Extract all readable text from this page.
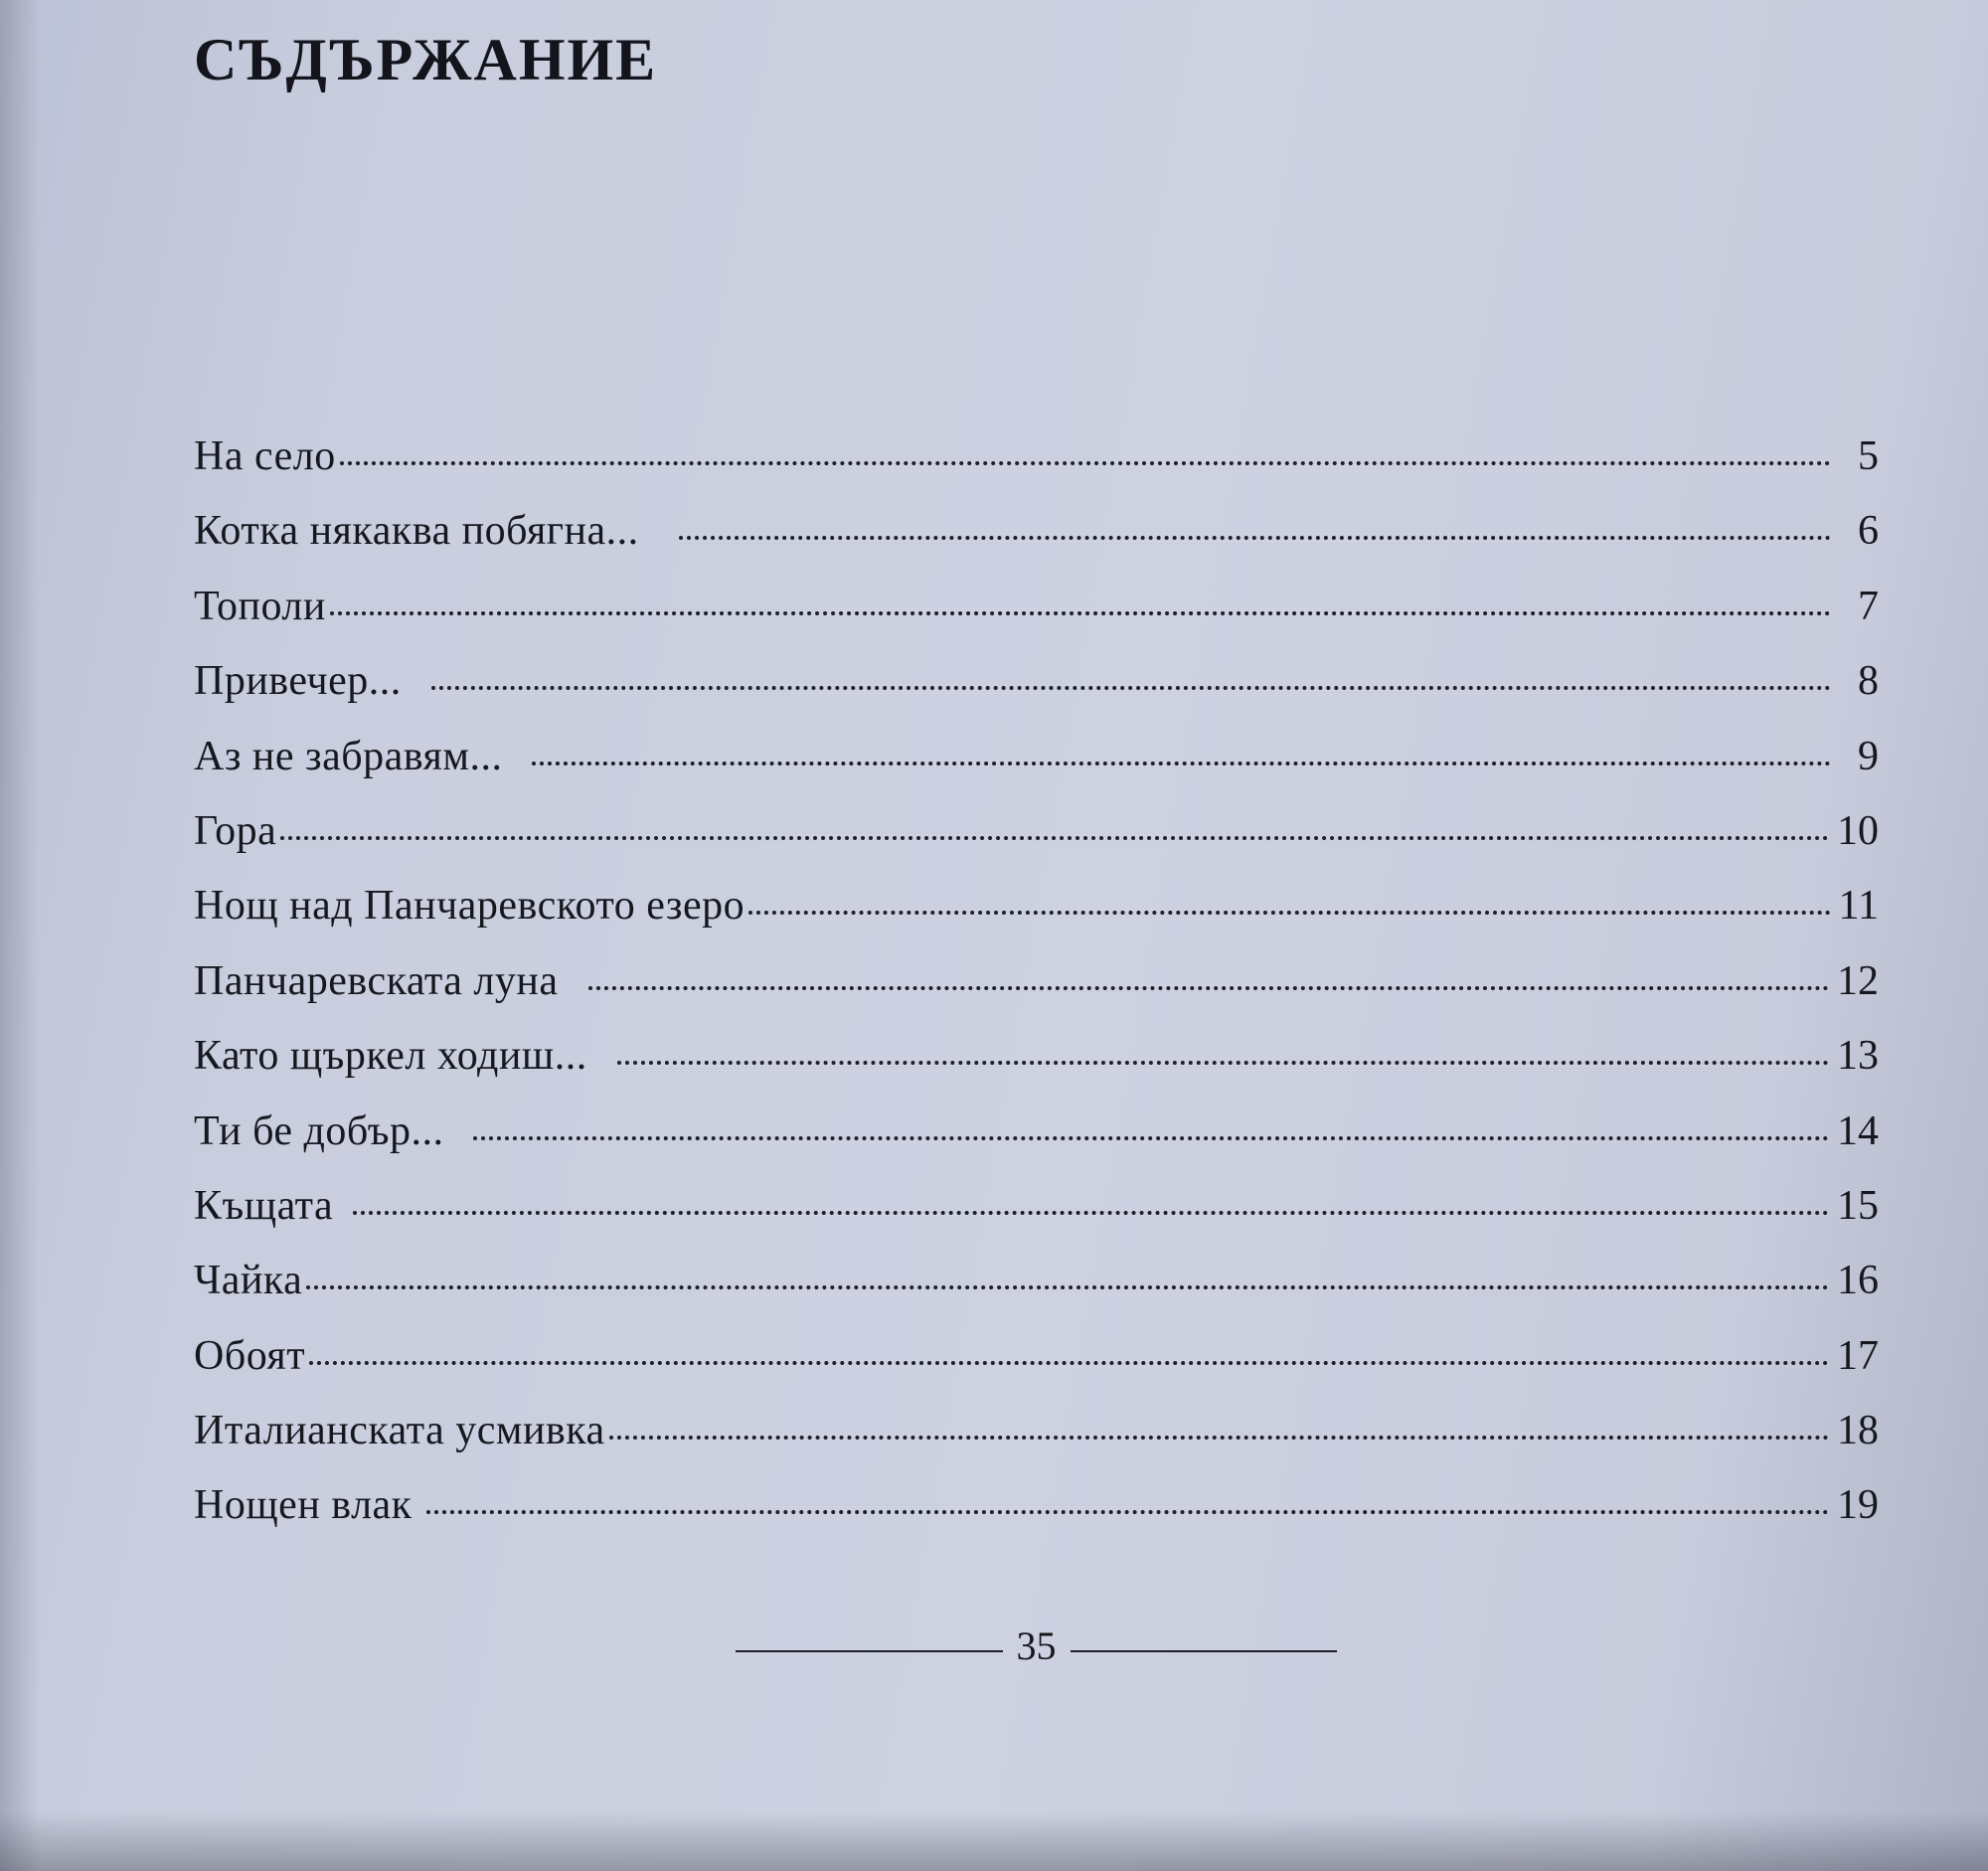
СЪДЪРЖАНИЕ
На село	5
Котка някаква побягна...	6
Тополи	7
Привечер...	8
Аз не забравям...	9
Гора	10
Нощ над Панчаревското езеро	11
Панчаревската луна	12
Като щъркел ходиш...	13
Ти бе добър...	14
Къщата	15
Чайка	16
Обоят	17
Италианската усмивка	18
Нощен влак	19
35
